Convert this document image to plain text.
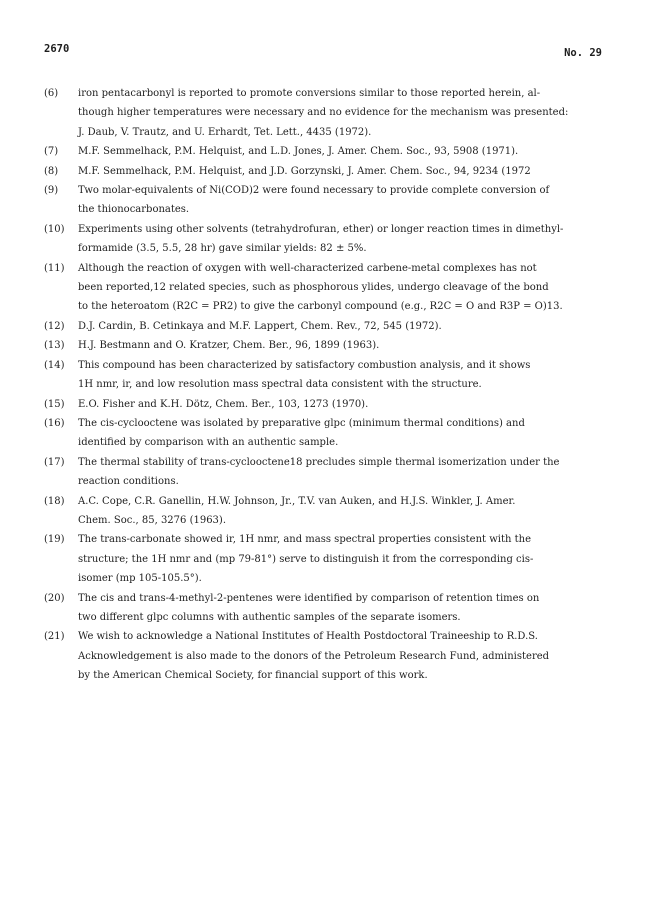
2670	No. 29
(6)	iron pentacarbonyl is reported to promote conversions similar to those reported herein, al-
though higher temperatures were necessary and no evidence for the mechanism was presented:
J. Daub, V. Trautz, and U. Erhardt, Tet. Lett., 4435 (1972).
(7)	M.F. Semmelhack, P.M. Helquist, and L.D. Jones, J. Amer. Chem. Soc., 93, 5908 (1971).
(8)	M.F. Semmelhack, P.M. Helquist, and J.D. Gorzynski, J. Amer. Chem. Soc., 94, 9234 (1972
(9)	Two molar-equivalents of Ni(COD)2 were found necessary to provide complete conversion of
the thionocarbonates.
(10)	Experiments using other solvents (tetrahydrofuran, ether) or longer reaction times in dimethyl-
formamide (3.5, 5.5, 28 hr) gave similar yields: 82 ± 5%.
(11)	Although the reaction of oxygen with well-characterized carbene-metal complexes has not
been reported,12 related species, such as phosphorous ylides, undergo cleavage of the bond
to the heteroatom (R2C = PR2) to give the carbonyl compound (e.g., R2C = O and R3P = O)13.
(12)	D.J. Cardin, B. Cetinkaya and M.F. Lappert, Chem. Rev., 72, 545 (1972).
(13)	H.J. Bestmann and O. Kratzer, Chem. Ber., 96, 1899 (1963).
(14)	This compound has been characterized by satisfactory combustion analysis, and it shows
1H nmr, ir, and low resolution mass spectral data consistent with the structure.
(15)	E.O. Fisher and K.H. Dötz, Chem. Ber., 103, 1273 (1970).
(16)	The cis-cyclooctene was isolated by preparative glpc (minimum thermal conditions) and
identified by comparison with an authentic sample.
(17)	The thermal stability of trans-cyclooctene18 precludes simple thermal isomerization under the
reaction conditions.
(18)	A.C. Cope, C.R. Ganellin, H.W. Johnson, Jr., T.V. van Auken, and H.J.S. Winkler, J. Amer.
Chem. Soc., 85, 3276 (1963).
(19)	The trans-carbonate showed ir, 1H nmr, and mass spectral properties consistent with the
structure; the 1H nmr and (mp 79-81°) serve to distinguish it from the corresponding cis-
isomer (mp 105-105.5°).
(20)	The cis and trans-4-methyl-2-pentenes were identified by comparison of retention times on
two different glpc columns with authentic samples of the separate isomers.
(21)	We wish to acknowledge a National Institutes of Health Postdoctoral Traineeship to R.D.S.
Acknowledgement is also made to the donors of the Petroleum Research Fund, administered
by the American Chemical Society, for financial support of this work.
